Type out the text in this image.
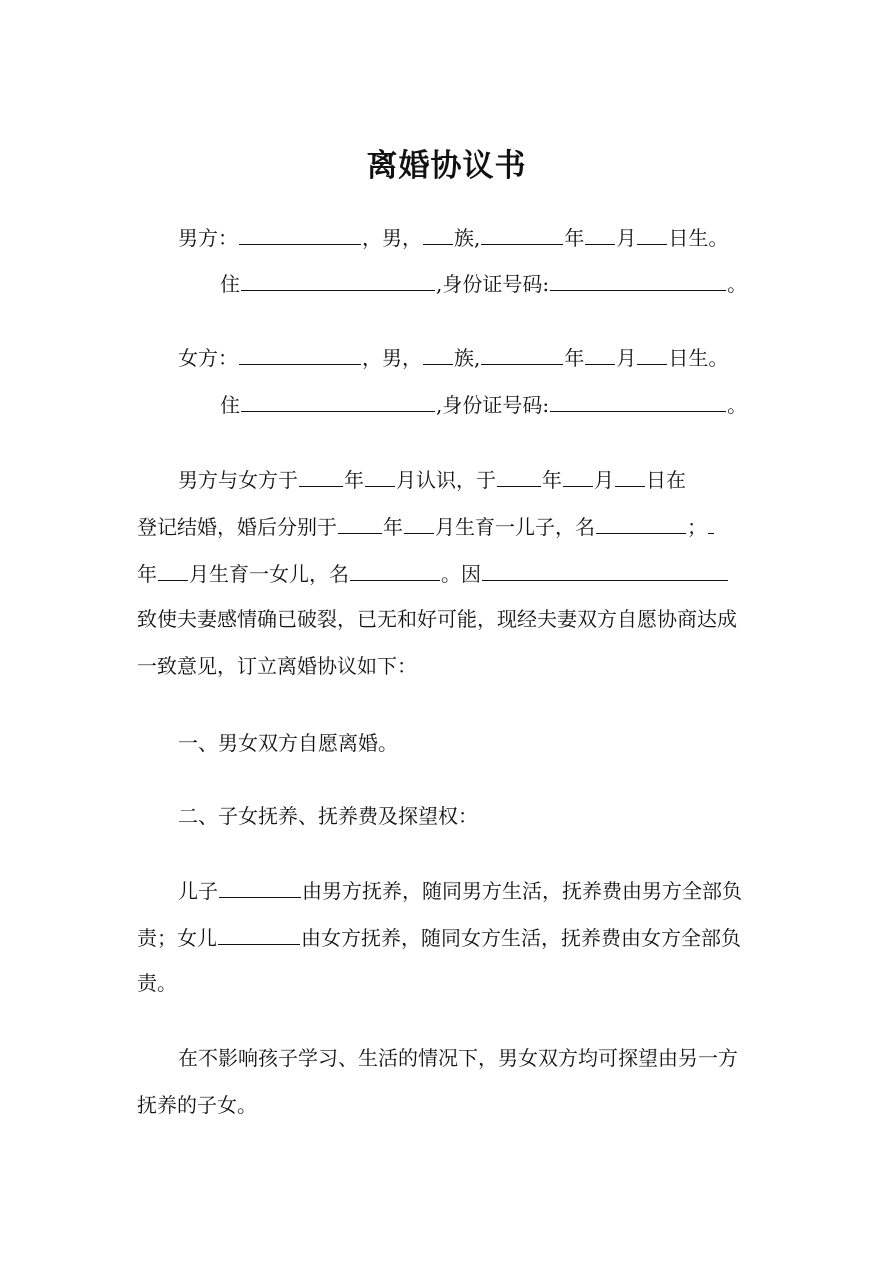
离婚协议书
男方：	，男， 族,	年 月 日生。
住	,身份证号码:	。
女方：	，男， 族,	年 月 日生。
住	,身份证号码:	。
男方与女方于 年 月认识，于 年 月 日在
登记结婚，婚后分别于 年 月生育一儿子，名	；
年 月生育一女儿，名	。因
致使夫妻感情确已破裂，已无和好可能，现经夫妻双方自愿协商达成
一致意见，订立离婚协议如下：
一、男女双方自愿离婚。
二、子女抚养、抚养费及探望权：
儿子	由男方抚养，随同男方生活，抚养费由男方全部负
责；女儿	由女方抚养，随同女方生活，抚养费由女方全部负
责。
在不影响孩子学习、生活的情况下，男女双方均可探望由另一方
抚养的子女。
